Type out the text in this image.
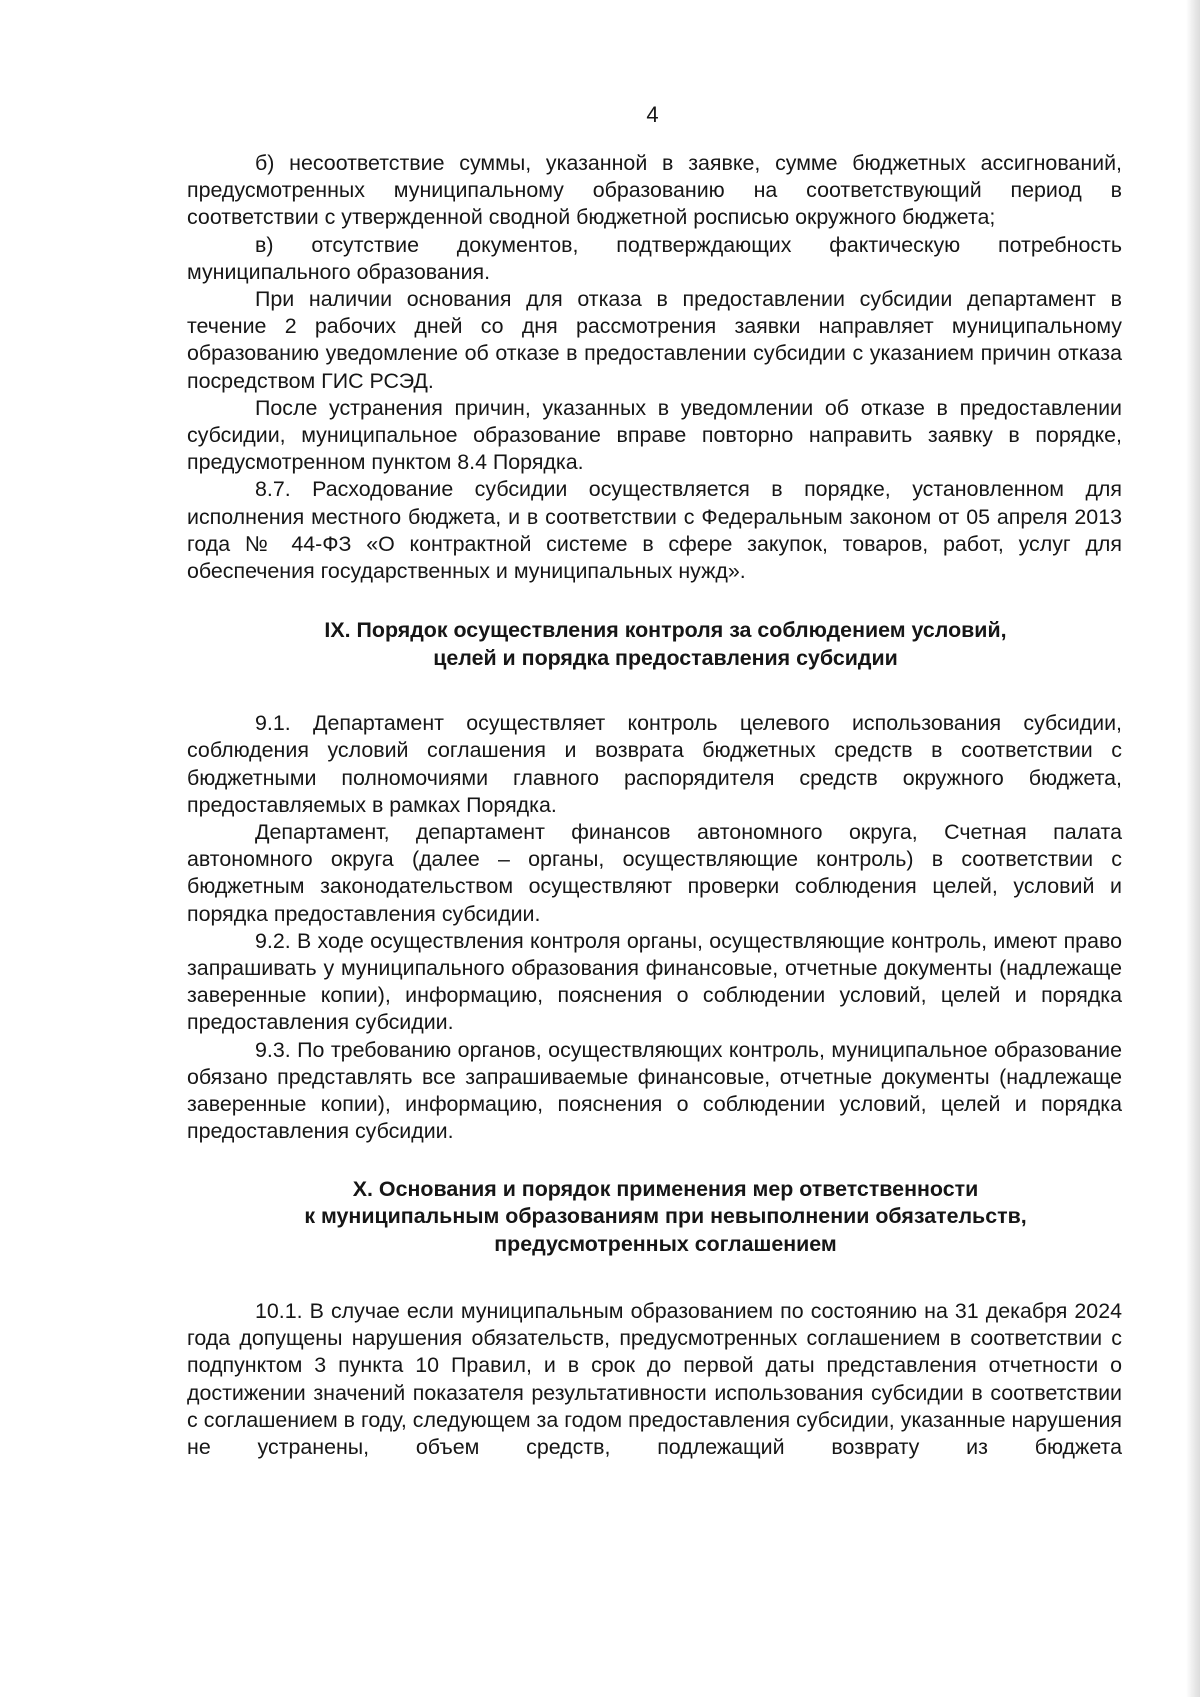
4

б) несоответствие суммы, указанной в заявке, сумме бюджетных ассигнований, предусмотренных муниципальному образованию на соответствующий период в соответствии с утвержденной сводной бюджетной росписью окружного бюджета;

в) отсутствие документов, подтверждающих фактическую потребность муниципального образования.

При наличии основания для отказа в предоставлении субсидии департамент в течение 2 рабочих дней со дня рассмотрения заявки направляет муниципальному образованию уведомление об отказе в предоставлении субсидии с указанием причин отказа посредством ГИС РСЭД.

После устранения причин, указанных в уведомлении об отказе в предоставлении субсидии, муниципальное образование вправе повторно направить заявку в порядке, предусмотренном пунктом 8.4 Порядка.

8.7. Расходование субсидии осуществляется в порядке, установленном для исполнения местного бюджета, и в соответствии с Федеральным законом от 05 апреля 2013 года № 44-ФЗ «О контрактной системе в сфере закупок, товаров, работ, услуг для обеспечения государственных и муниципальных нужд».

IX. Порядок осуществления контроля за соблюдением условий,
целей и порядка предоставления субсидии

9.1. Департамент осуществляет контроль целевого использования субсидии, соблюдения условий соглашения и возврата бюджетных средств в соответствии с бюджетными полномочиями главного распорядителя средств окружного бюджета, предоставляемых в рамках Порядка.

Департамент, департамент финансов автономного округа, Счетная палата автономного округа (далее – органы, осуществляющие контроль) в соответствии с бюджетным законодательством осуществляют проверки соблюдения целей, условий и порядка предоставления субсидии.

9.2. В ходе осуществления контроля органы, осуществляющие контроль, имеют право запрашивать у муниципального образования финансовые, отчетные документы (надлежаще заверенные копии), информацию, пояснения о соблюдении условий, целей и порядка предоставления субсидии.

9.3. По требованию органов, осуществляющих контроль, муниципальное образование обязано представлять все запрашиваемые финансовые, отчетные документы (надлежаще заверенные копии), информацию, пояснения о соблюдении условий, целей и порядка предоставления субсидии.

X. Основания и порядок применения мер ответственности
к муниципальным образованиям при невыполнении обязательств,
предусмотренных соглашением

10.1. В случае если муниципальным образованием по состоянию на 31 декабря 2024 года допущены нарушения обязательств, предусмотренных соглашением в соответствии с подпунктом 3 пункта 10 Правил, и в срок до первой даты представления отчетности о достижении значений показателя результативности использования субсидии в соответствии с соглашением в году, следующем за годом предоставления субсидии, указанные нарушения не устранены, объем средств, подлежащий возврату из бюджета
